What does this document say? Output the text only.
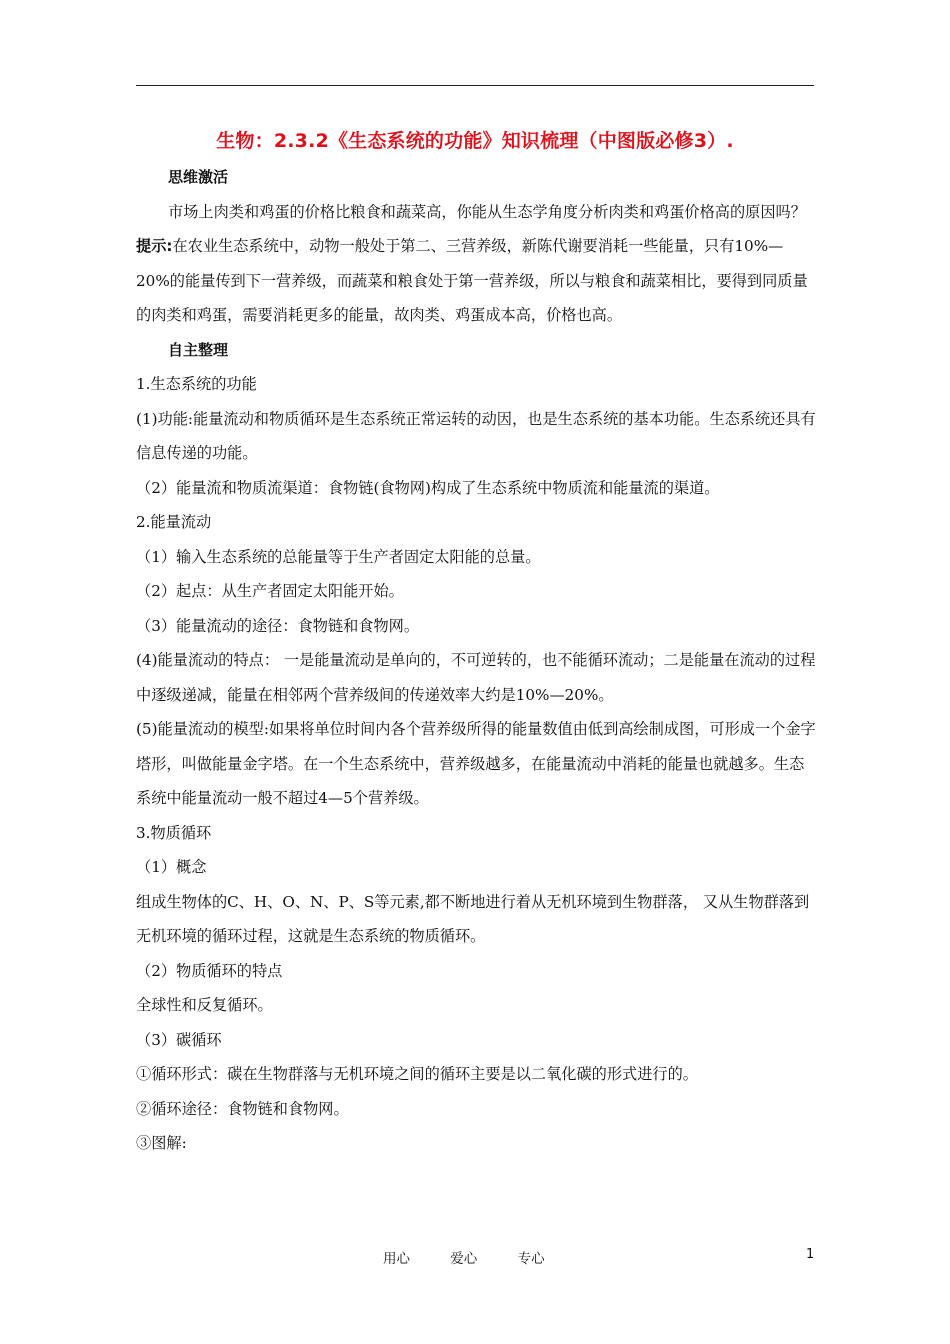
生物：2.3.2《生态系统的功能》知识梳理（中图版必修3）.

思维激活

市场上肉类和鸡蛋的价格比粮食和蔬菜高，你能从生态学角度分析肉类和鸡蛋价格高的原因吗？

提示:在农业生态系统中，动物一般处于第二、三营养级，新陈代谢要消耗一些能量，只有10%—20%的能量传到下一营养级，而蔬菜和粮食处于第一营养级，所以与粮食和蔬菜相比，要得到同质量的肉类和鸡蛋，需要消耗更多的能量，故肉类、鸡蛋成本高，价格也高。

自主整理

1.生态系统的功能

(1)功能:能量流动和物质循环是生态系统正常运转的动因，也是生态系统的基本功能。生态系统还具有信息传递的功能。

（2）能量流和物质流渠道：食物链(食物网)构成了生态系统中物质流和能量流的渠道。

2.能量流动

（1）输入生态系统的总能量等于生产者固定太阳能的总量。

（2）起点：从生产者固定太阳能开始。

（3）能量流动的途径：食物链和食物网。

(4)能量流动的特点： 一是能量流动是单向的，不可逆转的，也不能循环流动；二是能量在流动的过程中逐级递减，能量在相邻两个营养级间的传递效率大约是10%—20%。

(5)能量流动的模型:如果将单位时间内各个营养级所得的能量数值由低到高绘制成图，可形成一个金字塔形，叫做能量金字塔。在一个生态系统中，营养级越多，在能量流动中消耗的能量也就越多。生态系统中能量流动一般不超过4—5个营养级。

3.物质循环

（1）概念

组成生物体的C、H、O、N、P、S等元素,都不断地进行着从无机环境到生物群落， 又从生物群落到无机环境的循环过程，这就是生态系统的物质循环。

（2）物质循环的特点

全球性和反复循环。

（3）碳循环

①循环形式：碳在生物群落与无机环境之间的循环主要是以二氧化碳的形式进行的。

②循环途径：食物链和食物网。

③图解:

用心	爱心	专心	1
